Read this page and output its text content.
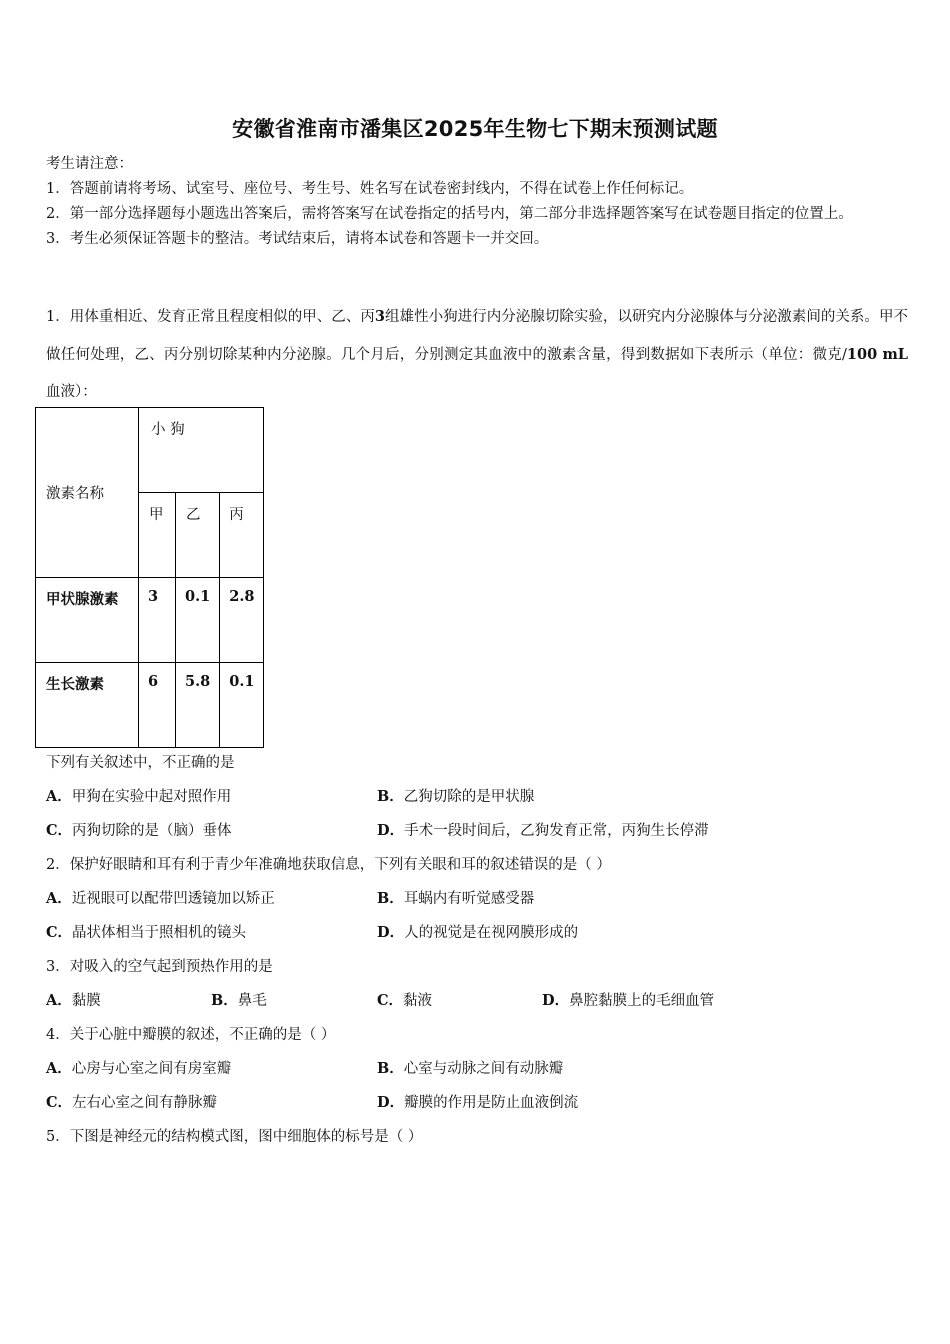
安徽省淮南市潘集区2025年生物七下期末预测试题
考生请注意：
1．答题前请将考场、试室号、座位号、考生号、姓名写在试卷密封线内，不得在试卷上作任何标记。
2．第一部分选择题每小题选出答案后，需将答案写在试卷指定的括号内，第二部分非选择题答案写在试卷题目指定的位置上。
3．考生必须保证答题卡的整洁。考试结束后，请将本试卷和答题卡一并交回。
1．用体重相近、发育正常且程度相似的甲、乙、丙3组雄性小狗进行内分泌腺切除实验，以研究内分泌腺体与分泌激素间的关系。甲不做任何处理，乙、丙分别切除某种内分泌腺。几个月后，分别测定其血液中的激素含量，得到数据如下表所示（单位：微克/100 mL血液）：
激素名称	小 狗		

	甲	乙	丙

甲状腺激素	3	0.1	2.8

生长激素	6	5.8	0.1
下列有关叙述中，不正确的是
A．甲狗在实验中起对照作用	B．乙狗切除的是甲状腺
C．丙狗切除的是（脑）垂体	D．手术一段时间后，乙狗发育正常，丙狗生长停滞
2．保护好眼睛和耳有利于青少年准确地获取信息，下列有关眼和耳的叙述错误的是（ ）
A．近视眼可以配带凹透镜加以矫正	B．耳蜗内有听觉感受器
C．晶状体相当于照相机的镜头	D．人的视觉是在视网膜形成的
3．对吸入的空气起到预热作用的是
A．黏膜	B．鼻毛	C．黏液	D．鼻腔黏膜上的毛细血管
4．关于心脏中瓣膜的叙述，不正确的是（ ）
A．心房与心室之间有房室瓣	B．心室与动脉之间有动脉瓣
C．左右心室之间有静脉瓣	D．瓣膜的作用是防止血液倒流
5．下图是神经元的结构模式图，图中细胞体的标号是（ ）
